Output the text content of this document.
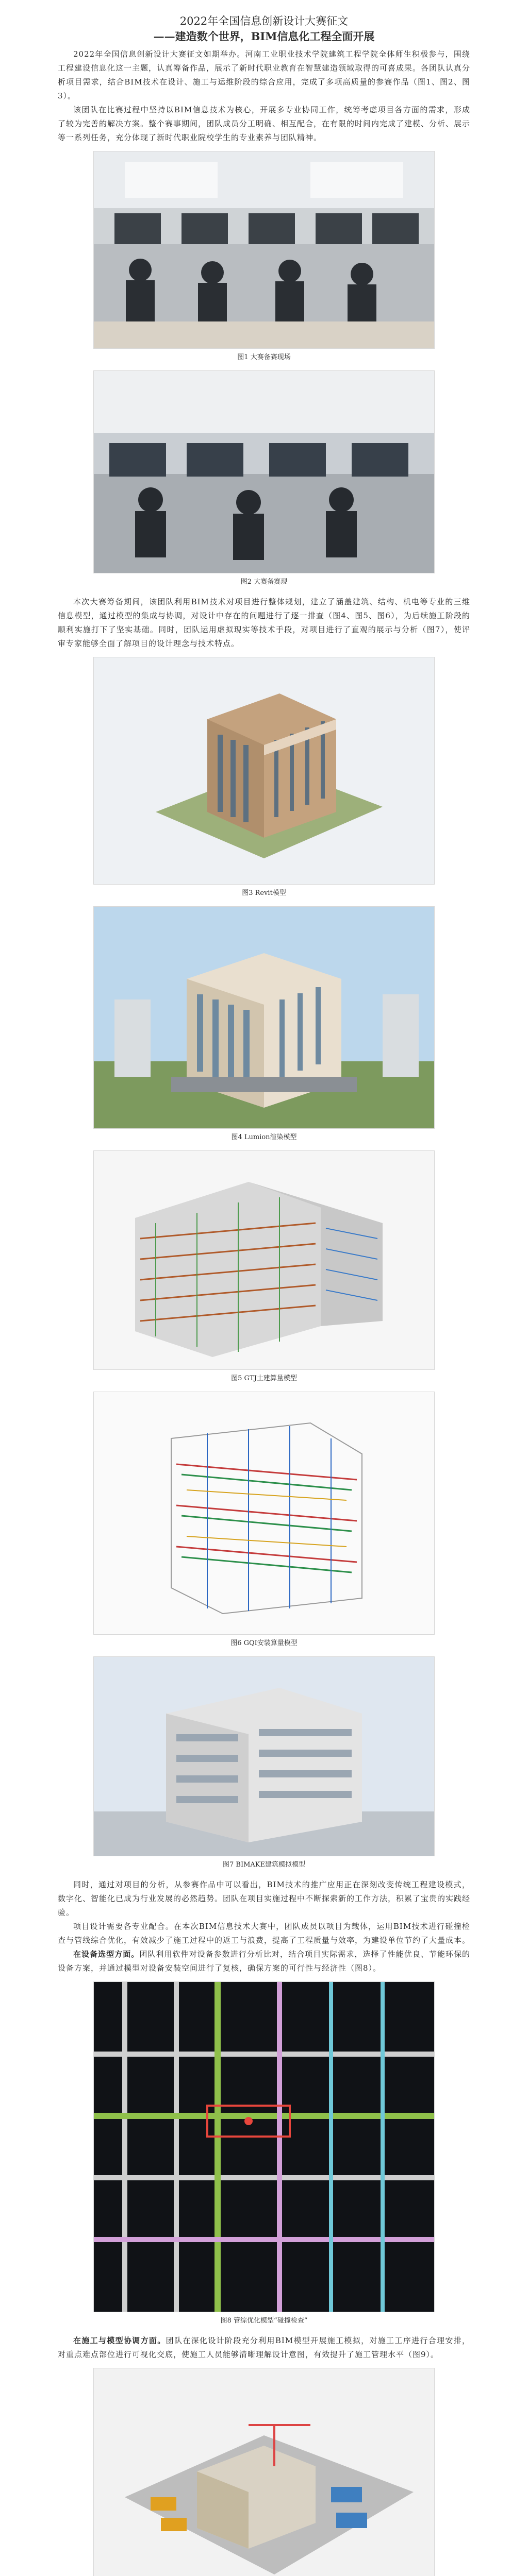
2022年全国信息创新设计大赛征文
——建造数个世界，BIM信息化工程全面开展

2022年全国信息创新设计大赛征文如期举办。河南工业职业技术学院建筑工程学院全体师生积极参与，围绕工程建设信息化这一主题，认真筹备作品，展示了新时代职业教育在智慧建造领域取得的可喜成果。各团队认真分析项目需求，结合BIM技术在设计、施工与运维阶段的综合应用，完成了多项高质量的参赛作品（图1、图2、图3）。

该团队在比赛过程中坚持以BIM信息技术为核心，开展多专业协同工作，统筹考虑项目各方面的需求，形成了较为完善的解决方案。整个赛事期间，团队成员分工明确、相互配合，在有限的时间内完成了建模、分析、展示等一系列任务，充分体现了新时代职业院校学生的专业素养与团队精神。

图1 大赛备赛现场
图2 大赛备赛现

本次大赛筹备期间，该团队利用BIM技术对项目进行整体规划，建立了涵盖建筑、结构、机电等专业的三维信息模型，通过模型的集成与协调，对设计中存在的问题进行了逐一排查（图4、图5、图6），为后续施工阶段的顺利实施打下了坚实基础。同时，团队运用虚拟现实等技术手段，对项目进行了直观的展示与分析（图7），使评审专家能够全面了解项目的设计理念与技术特点。

图3 Revit模型
图4 Lumion渲染模型
图5 GTJ土建算量模型
图6 GQI安装算量模型
图7 BIMAKE建筑模拟模型

同时，通过对项目的分析，从参赛作品中可以看出，BIM技术的推广应用正在深刻改变传统工程建设模式，数字化、智能化已成为行业发展的必然趋势。团队在项目实施过程中不断探索新的工作方法，积累了宝贵的实践经验。

项目设计需要各专业配合。在本次BIM信息技术大赛中，团队成员以项目为载体，运用BIM技术进行碰撞检查与管线综合优化，有效减少了施工过程中的返工与浪费，提高了工程质量与效率，为建设单位节约了大量成本。

在设备选型方面。团队利用软件对设备参数进行分析比对，结合项目实际需求，选择了性能优良、节能环保的设备方案，并通过模型对设备安装空间进行了复核，确保方案的可行性与经济性（图8）。

图8 管综优化模型“碰撞检查”

在施工与模型协调方面。团队在深化设计阶段充分利用BIM模型开展施工模拟，对施工工序进行合理安排，对重点难点部位进行可视化交底，使施工人员能够清晰理解设计意图，有效提升了施工管理水平（图9）。
